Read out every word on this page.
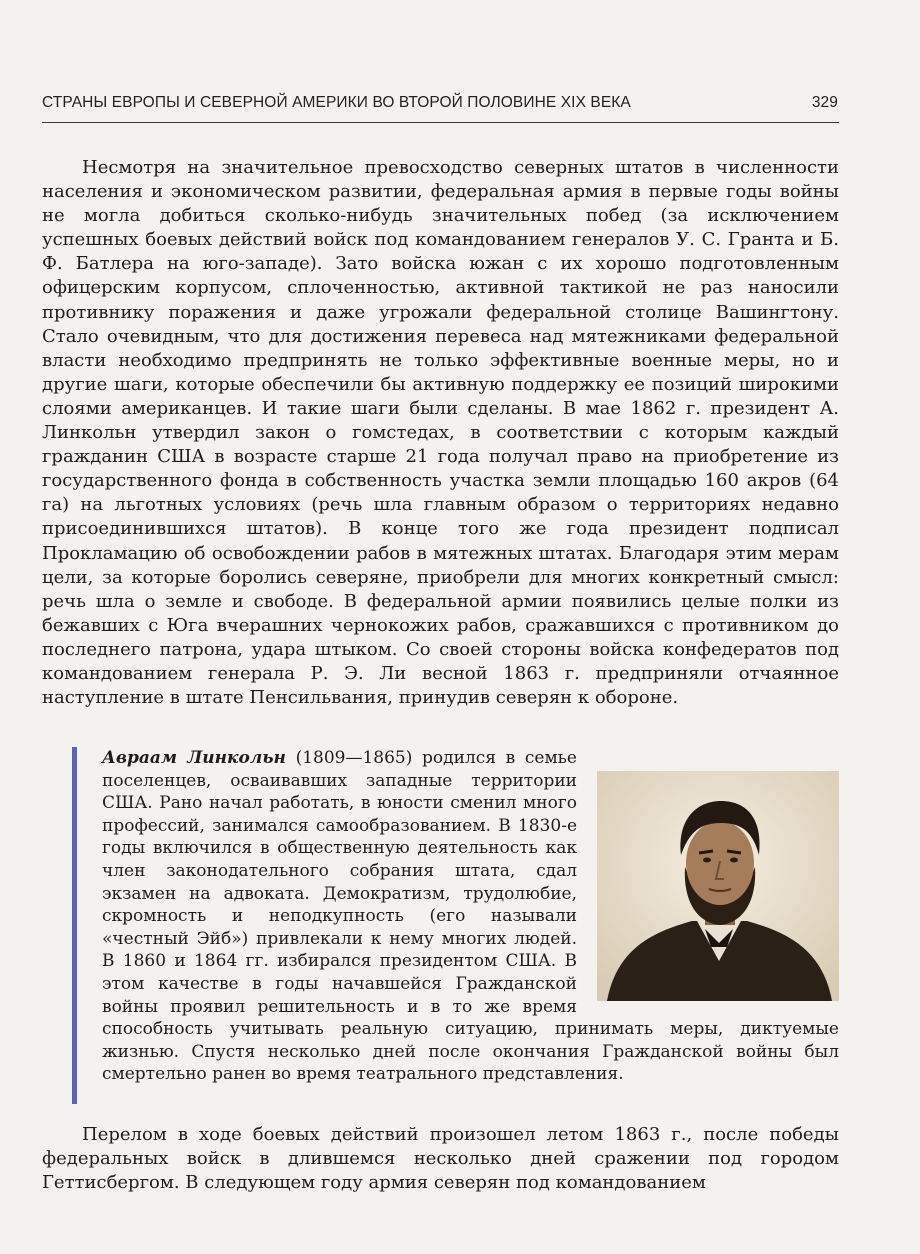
СТРАНЫ ЕВРОПЫ И СЕВЕРНОЙ АМЕРИКИ ВО ВТОРОЙ ПОЛОВИНЕ XIX ВЕКА	329

Несмотря на значительное превосходство северных штатов в численности населения и экономическом развитии, федеральная армия в первые годы войны не могла добиться сколько-нибудь значительных побед (за исключением успешных боевых действий войск под командованием генералов У. С. Гранта и Б. Ф. Батлера на юго-западе). Зато войска южан с их хорошо подготовленным офицерским корпусом, сплоченностью, активной тактикой не раз наносили противнику поражения и даже угрожали федеральной столице Вашингтону. Стало очевидным, что для достижения перевеса над мятежниками федеральной власти необходимо предпринять не только эффективные военные меры, но и другие шаги, которые обеспечили бы активную поддержку ее позиций широкими слоями американцев. И такие шаги были сделаны. В мае 1862 г. президент А. Линкольн утвердил закон о гомстедах, в соответствии с которым каждый гражданин США в возрасте старше 21 года получал право на приобретение из государственного фонда в собственность участка земли площадью 160 акров (64 га) на льготных условиях (речь шла главным образом о территориях недавно присоединившихся штатов). В конце того же года президент подписал Прокламацию об освобождении рабов в мятежных штатах. Благодаря этим мерам цели, за которые боролись северяне, приобрели для многих конкретный смысл: речь шла о земле и свободе. В федеральной армии появились целые полки из бежавших с Юга вчерашних чернокожих рабов, сражавшихся с противником до последнего патрона, удара штыком. Со своей стороны войска конфедератов под командованием генерала Р. Э. Ли весной 1863 г. предприняли отчаянное наступление в штате Пенсильвания, принудив северян к обороне.

Авраам Линкольн (1809—1865) родился в семье поселенцев, осваивавших западные территории США. Рано начал работать, в юности сменил много профессий, занимался самообразованием. В 1830-е годы включился в общественную деятельность как член законодательного собрания штата, сдал экзамен на адвоката. Демократизм, трудолюбие, скромность и неподкупность (его называли «честный Эйб») привлекали к нему многих людей. В 1860 и 1864 гг. избирался президентом США. В этом качестве в годы начавшейся Гражданской войны проявил решительность и в то же время способность учитывать реальную ситуацию, принимать меры, диктуемые жизнью. Спустя несколько дней после окончания Гражданской войны был смертельно ранен во время театрального представления.

Перелом в ходе боевых действий произошел летом 1863 г., после победы федеральных войск в длившемся несколько дней сражении под городом Геттисбергом. В следующем году армия северян под командованием
